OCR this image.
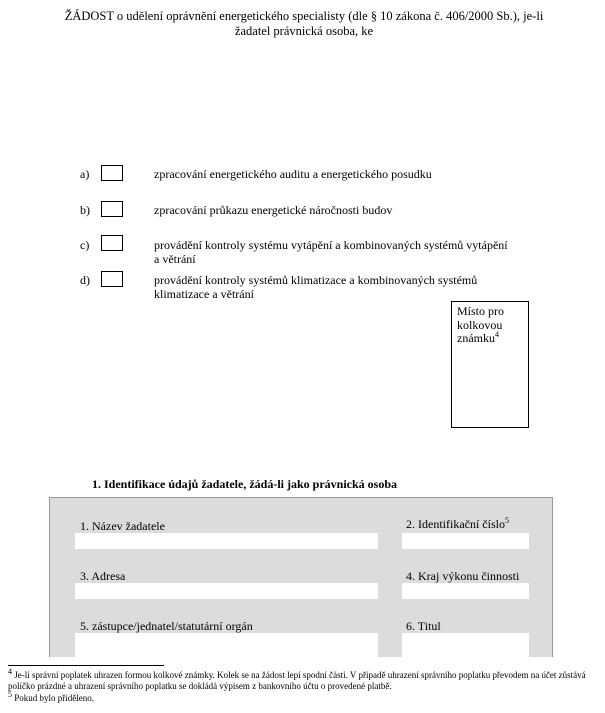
ŽÁDOST o udělení oprávnění energetického specialisty (dle § 10 zákona č. 406/2000 Sb.), je-li žadatel právnická osoba, ke
a)	zpracování energetického auditu a energetického posudku
b)	zpracování průkazu energetické náročnosti budov
c)	provádění kontroly systému vytápění a kombinovaných systémů vytápění a větrání
d)	provádění kontroly systémů klimatizace a kombinovaných systémů klimatizace a větrání
Místo pro kolkovou známku$^4$
1. Identifikace údajů žadatele, žádá-li jako právnická osoba
1. Název žadatele	2. Identifikační číslo$^5$
3. Adresa	4. Kraj výkonu činnosti
5. zástupce/jednatel/statutární orgán	6. Titul
$^4$ Je-li správní poplatek uhrazen formou kolkové známky. Kolek se na žádost lepí spodní části. V případě uhrazení správního poplatku převodem na účet zůstává políčko prázdné a uhrazení správního poplatku se dokládá výpisem z bankovního účtu o provedené platbě.
$^5$ Pokud bylo přiděleno.
